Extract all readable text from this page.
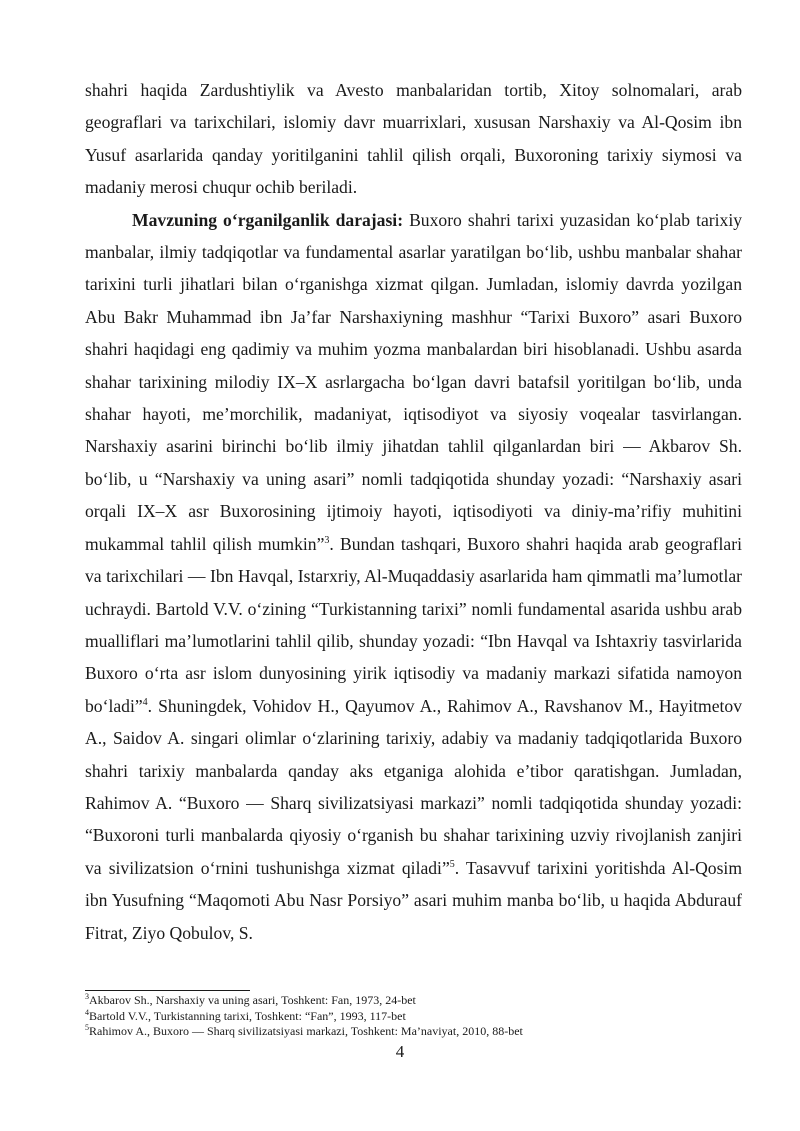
shahri haqida Zardushtiylik va Avesto manbalaridan tortib, Xitoy solnomalari, arab geograflari va tarixchilari, islomiy davr muarrixlari, xususan Narshaxiy va Al-Qosim ibn Yusuf asarlarida qanday yoritilganini tahlil qilish orqali, Buxoroning tarixiy siymosi va madaniy merosi chuqur ochib beriladi.

Mavzuning o‘rganilganlik darajasi: Buxoro shahri tarixi yuzasidan ko‘plab tarixiy manbalar, ilmiy tadqiqotlar va fundamental asarlar yaratilgan bo‘lib, ushbu manbalar shahar tarixini turli jihatlari bilan o‘rganishga xizmat qilgan. Jumladan, islomiy davrda yozilgan Abu Bakr Muhammad ibn Ja’far Narshaxiyning mashhur “Tarixi Buxoro” asari Buxoro shahri haqidagi eng qadimiy va muhim yozma manbalardan biri hisoblanadi. Ushbu asarda shahar tarixining milodiy IX–X asrlargacha bo‘lgan davri batafsil yoritilgan bo‘lib, unda shahar hayoti, me’morchilik, madaniyat, iqtisodiyot va siyosiy voqealar tasvirlangan. Narshaxiy asarini birinchi bo‘lib ilmiy jihatdan tahlil qilganlardan biri — Akbarov Sh. bo‘lib, u “Narshaxiy va uning asari” nomli tadqiqotida shunday yozadi: “Narshaxiy asari orqali IX–X asr Buxorosining ijtimoiy hayoti, iqtisodiyoti va diniy-ma’rifiy muhitini mukammal tahlil qilish mumkin”$^3$. Bundan tashqari, Buxoro shahri haqida arab geograflari va tarixchilari — Ibn Havqal, Istarxriy, Al-Muqaddasiy asarlarida ham qimmatli ma’lumotlar uchraydi. Bartold V.V. o‘zining “Turkistanning tarixi” nomli fundamental asarida ushbu arab mualliflari ma’lumotlarini tahlil qilib, shunday yozadi: “Ibn Havqal va Ishtaxriy tasvirlarida Buxoro o‘rta asr islom dunyosining yirik iqtisodiy va madaniy markazi sifatida namoyon bo‘ladi”$^4$. Shuningdek, Vohidov H., Qayumov A., Rahimov A., Ravshanov M., Hayitmetov A., Saidov A. singari olimlar o‘zlarining tarixiy, adabiy va madaniy tadqiqotlarida Buxoro shahri tarixiy manbalarda qanday aks etganiga alohida e’tibor qaratishgan. Jumladan, Rahimov A. “Buxoro — Sharq sivilizatsiyasi markazi” nomli tadqiqotida shunday yozadi: “Buxoroni turli manbalarda qiyosiy o‘rganish bu shahar tarixining uzviy rivojlanish zanjiri va sivilizatsion o‘rnini tushunishga xizmat qiladi”$^5$. Tasavvuf tarixini yoritishda Al-Qosim ibn Yusufning “Maqomoti Abu Nasr Porsiyo” asari muhim manba bo‘lib, u haqida Abdurauf Fitrat, Ziyo Qobulov, S.

$^3$Akbarov Sh., Narshaxiy va uning asari, Toshkent: Fan, 1973, 24-bet
$^4$Bartold V.V., Turkistanning tarixi, Toshkent: “Fan”, 1993, 117-bet
$^5$Rahimov A., Buxoro — Sharq sivilizatsiyasi markazi, Toshkent: Ma’naviyat, 2010, 88-bet
4
